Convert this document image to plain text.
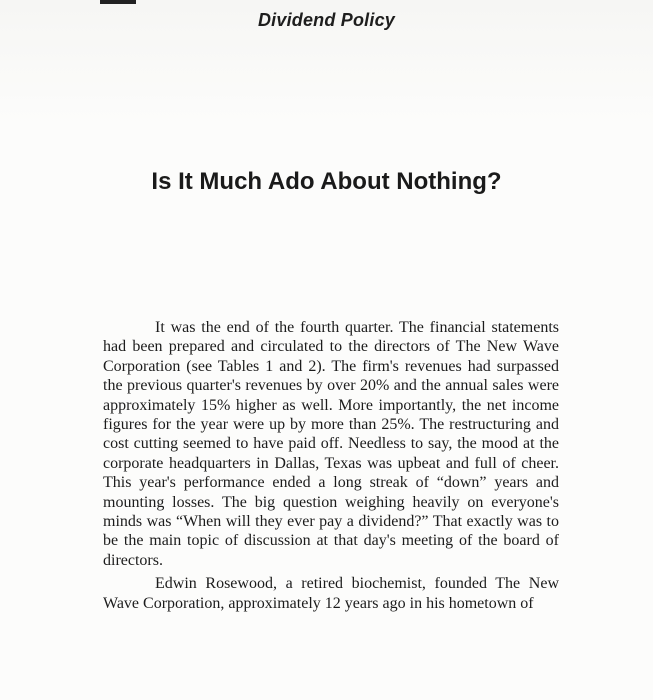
Dividend Policy
Is It Much Ado About Nothing?

It was the end of the fourth quarter. The financial statements had been prepared and circulated to the directors of The New Wave Corporation (see Tables 1 and 2). The firm's revenues had surpassed the previous quarter's revenues by over 20% and the annual sales were approximately 15% higher as well. More importantly, the net income figures for the year were up by more than 25%. The restructuring and cost cutting seemed to have paid off. Needless to say, the mood at the corporate headquarters in Dallas, Texas was upbeat and full of cheer. This year's performance ended a long streak of “down” years and mounting losses. The big question weighing heavily on everyone's minds was “When will they ever pay a dividend?” That exactly was to be the main topic of discussion at that day's meeting of the board of directors.

Edwin Rosewood, a retired biochemist, founded The New Wave Corporation, approximately 12 years ago in his hometown of
